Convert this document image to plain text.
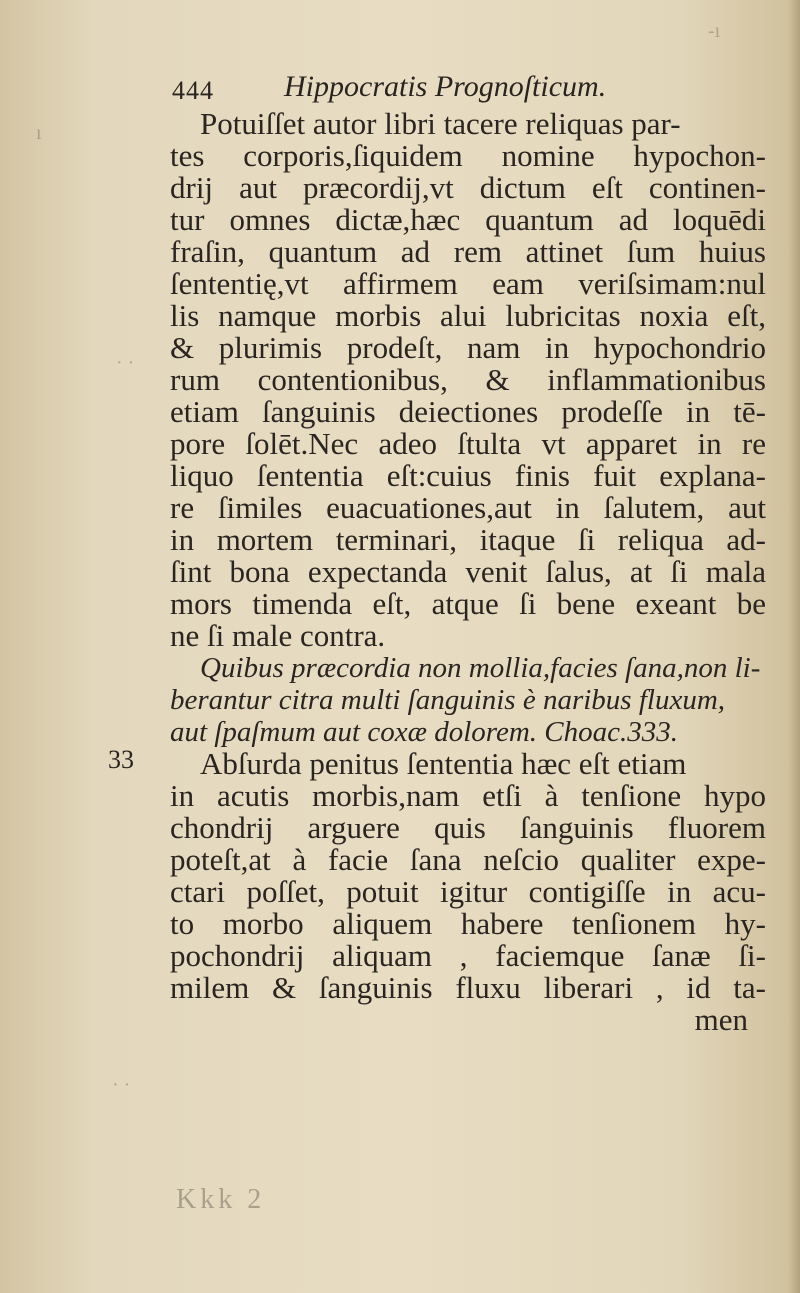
444 Hippocratis Prognoſticum.
33
Potuiſſet autor libri tacere reliquas par-
tes corporis,ſiquidem nomine hypochon-
drij aut præcordij,vt dictum eſt continen-
tur omnes dictæ,hæc quantum ad loquēdi
fraſin, quantum ad rem attinet ſum huius
ſententię,vt affirmem eam veriſsimam:nul
lis namque morbis alui lubricitas noxia eſt,
& plurimis prodeſt, nam in hypochondrio
rum contentionibus, & inflammationibus
etiam ſanguinis deiectiones prodeſſe in tē-
pore ſolēt.Nec adeo ſtulta vt apparet in re
liquo ſententia eſt:cuius finis fuit explana-
re ſimiles euacuationes,aut in ſalutem, aut
in mortem terminari, itaque ſi reliqua ad-
ſint bona expectanda venit ſalus, at ſi mala
mors timenda eſt, atque ſi bene exeant be
ne ſi male contra.
Quibus præcordia non mollia,facies ſana,non li-
berantur citra multi ſanguinis è naribus fluxum,
aut ſpaſmum aut coxæ dolorem. Choac.333.
Abſurda penitus ſententia hæc eſt etiam
in acutis morbis,nam etſi à tenſione hypo
chondrij arguere quis ſanguinis fluorem
poteſt,at à facie ſana neſcio qualiter expe-
ctari poſſet, potuit igitur contigiſſe in acu-
to morbo aliquem habere tenſionem hy-
pochondrij aliquam , faciemque ſanæ ſi-
milem & ſanguinis fluxu liberari , id ta-
men
Kkk 2
ı
· ·
· ·
-ı
